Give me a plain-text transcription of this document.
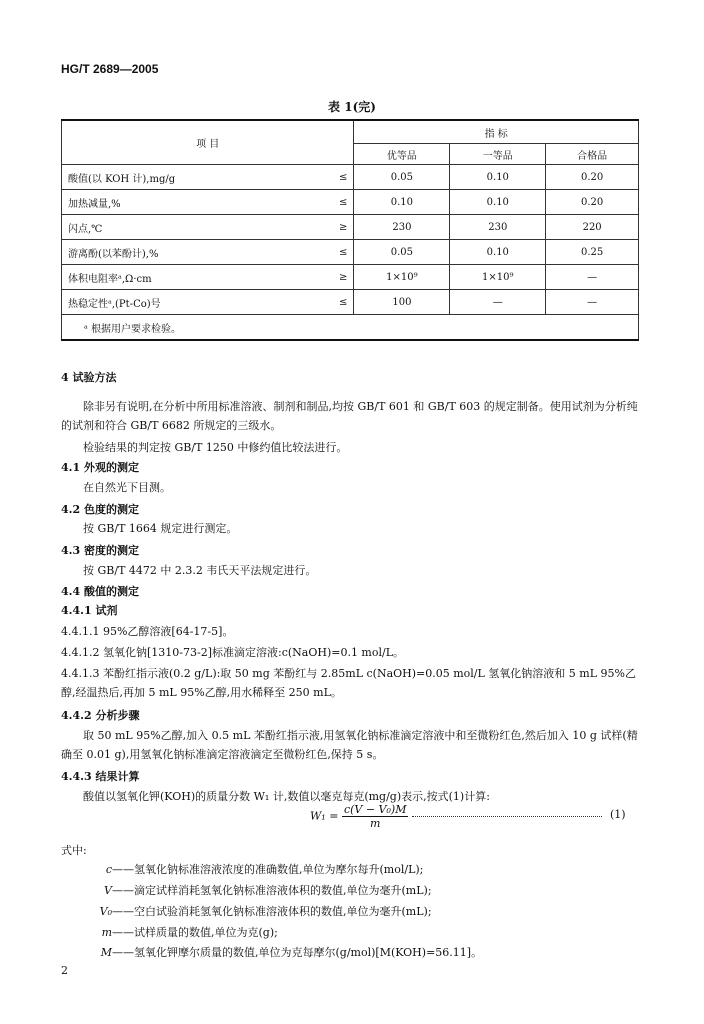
HG/T 2689—2005
表 1(完)
项 目		指 标		
		优等品	一等品	合格品
酸值(以 KOH 计),mg/g	≤	0.05	0.10	0.20
加热减量,%	≤	0.10	0.10	0.20
闪点,℃	≥	230	230	220
游离酚(以苯酚计),%	≤	0.05	0.10	0.25
体积电阻率ᵃ,Ω·cm	≥	1×10⁹	1×10⁹	—
热稳定性ᵃ,(Pt-Co)号	≤	100	—	—
ᵃ 根据用户要求检验。				
4 试验方法
除非另有说明,在分析中所用标准溶液、制剂和制品,均按 GB/T 601 和 GB/T 603 的规定制备。使用试剂为分析纯的试剂和符合 GB/T 6682 所规定的三级水。
检验结果的判定按 GB/T 1250 中修约值比较法进行。
4.1 外观的测定
在自然光下目测。
4.2 色度的测定
按 GB/T 1664 规定进行测定。
4.3 密度的测定
按 GB/T 4472 中 2.3.2 韦氏天平法规定进行。
4.4 酸值的测定
4.4.1 试剂
4.4.1.1 95%乙醇溶液[64-17-5]。
4.4.1.2 氢氧化钠[1310-73-2]标准滴定溶液:c(NaOH)=0.1 mol/L。
4.4.1.3 苯酚红指示液(0.2 g/L):取 50 mg 苯酚红与 2.85mL c(NaOH)=0.05 mol/L 氢氧化钠溶液和 5 mL 95%乙醇,经温热后,再加 5 mL 95%乙醇,用水稀释至 250 mL。
4.4.2 分析步骤
取 50 mL 95%乙醇,加入 0.5 mL 苯酚红指示液,用氢氧化钠标准滴定溶液中和至微粉红色,然后加入 10 g 试样(精确至 0.01 g),用氢氧化钠标准滴定溶液滴定至微粉红色,保持 5 s。
4.4.3 结果计算
酸值以氢氧化钾(KOH)的质量分数 W₁ 计,数值以毫克每克(mg/g)表示,按式(1)计算:
$W_1 = \frac{\text{c(V − V₀)M}}{m}$	(1)
式中:
c——氢氧化钠标准溶液浓度的准确数值,单位为摩尔每升(mol/L);
V——滴定试样消耗氢氧化钠标准溶液体积的数值,单位为毫升(mL);
V₀——空白试验消耗氢氧化钠标准溶液体积的数值,单位为毫升(mL);
m——试样质量的数值,单位为克(g);
M——氢氧化钾摩尔质量的数值,单位为克每摩尔(g/mol)[M(KOH)=56.11]。
2
